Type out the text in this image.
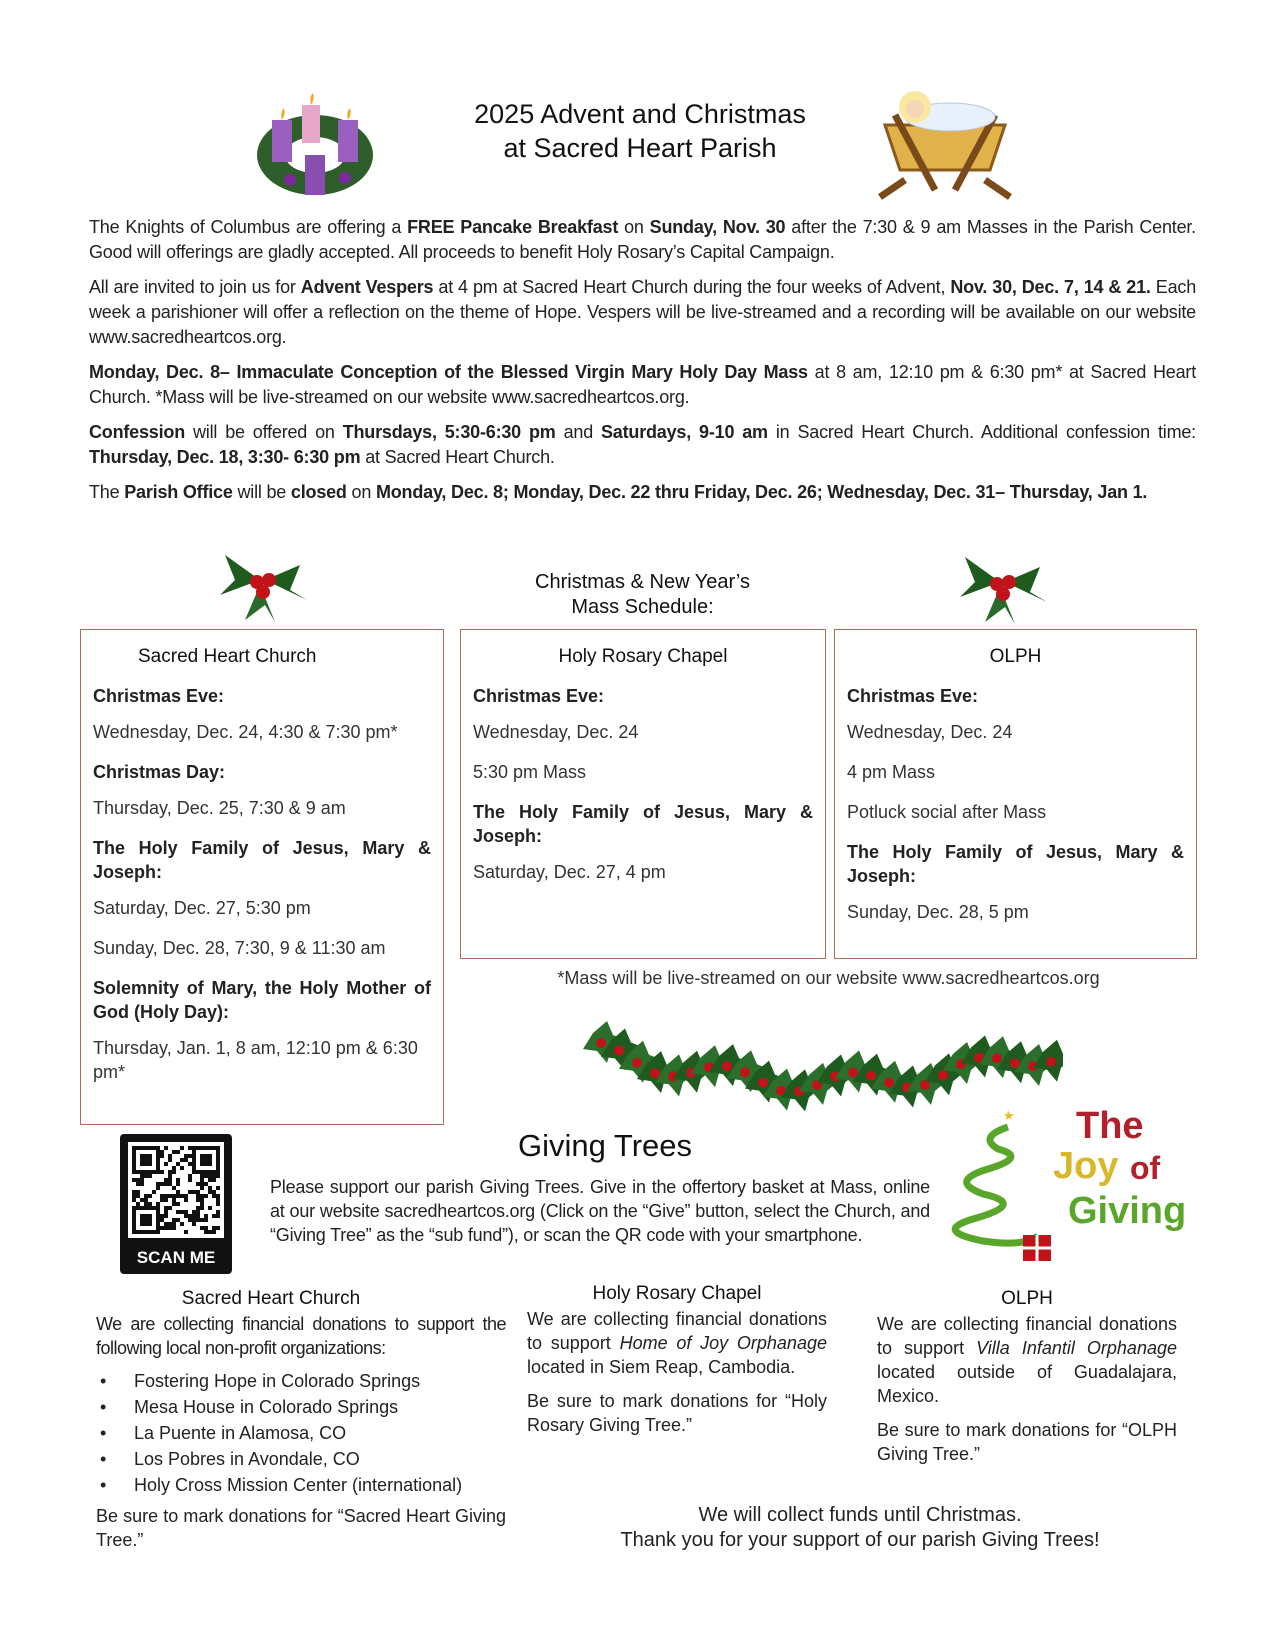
2025 Advent and Christmas
at Sacred Heart Parish

The Knights of Columbus are offering a FREE Pancake Breakfast on Sunday, Nov. 30 after the 7:30 & 9 am Masses in the Parish Center. Good will offerings are gladly accepted. All proceeds to benefit Holy Rosary’s Capital Campaign.

All are invited to join us for Advent Vespers at 4 pm at Sacred Heart Church during the four weeks of Advent, Nov. 30, Dec. 7, 14 & 21. Each week a parishioner will offer a reflection on the theme of Hope. Vespers will be live-streamed and a recording will be available on our website www.sacredheartcos.org.

Monday, Dec. 8– Immaculate Conception of the Blessed Virgin Mary Holy Day Mass at 8 am, 12:10 pm & 6:30 pm* at Sacred Heart Church. *Mass will be live-streamed on our website www.sacredheartcos.org.

Confession will be offered on Thursdays, 5:30-6:30 pm and Saturdays, 9-10 am in Sacred Heart Church. Additional confession time: Thursday, Dec. 18, 3:30- 6:30 pm at Sacred Heart Church.

The Parish Office will be closed on Monday, Dec. 8; Monday, Dec. 22 thru Friday, Dec. 26; Wednesday, Dec. 31– Thursday, Jan 1.

Christmas & New Year’s
Mass Schedule:
Sacred Heart Church
Christmas Eve:
Wednesday, Dec. 24, 4:30 & 7:30 pm*
Christmas Day:
Thursday, Dec. 25, 7:30 & 9 am
The Holy Family of Jesus, Mary & Joseph:
Saturday, Dec. 27, 5:30 pm
Sunday, Dec. 28, 7:30, 9 & 11:30 am
Solemnity of Mary, the Holy Mother of God (Holy Day):
Thursday, Jan. 1, 8 am, 12:10 pm & 6:30 pm*
Holy Rosary Chapel
Christmas Eve:
Wednesday, Dec. 24
5:30 pm Mass
The Holy Family of Jesus, Mary & Joseph:
Saturday, Dec. 27, 4 pm
OLPH
Christmas Eve:
Wednesday, Dec. 24
4 pm Mass
Potluck social after Mass
The Holy Family of Jesus, Mary & Joseph:
Sunday, Dec. 28, 5 pm
*Mass will be live-streamed on our website www.sacredheartcos.org
SCAN ME
Giving Trees

Please support our parish Giving Trees. Give in the offertory basket at Mass, online at our website sacredheartcos.org (Click on the “Give” button, select the Church, and “Giving Tree” as the “sub fund”), or scan the QR code with your smartphone.

The
Joy of
Giving
Sacred Heart Church

We are collecting financial donations to support the following local non-profit organizations:

• Fostering Hope in Colorado Springs
• Mesa House in Colorado Springs
• La Puente in Alamosa, CO
• Los Pobres in Avondale, CO
• Holy Cross Mission Center (international)

Be sure to mark donations for “Sacred Heart Giving Tree.”

Holy Rosary Chapel

We are collecting financial donations to support Home of Joy Orphanage located in Siem Reap, Cambodia.

Be sure to mark donations for “Holy Rosary Giving Tree.”

OLPH

We are collecting financial donations to support Villa Infantil Orphanage located outside of Guadalajara, Mexico.

Be sure to mark donations for “OLPH Giving Tree.”

We will collect funds until Christmas.
Thank you for your support of our parish Giving Trees!
